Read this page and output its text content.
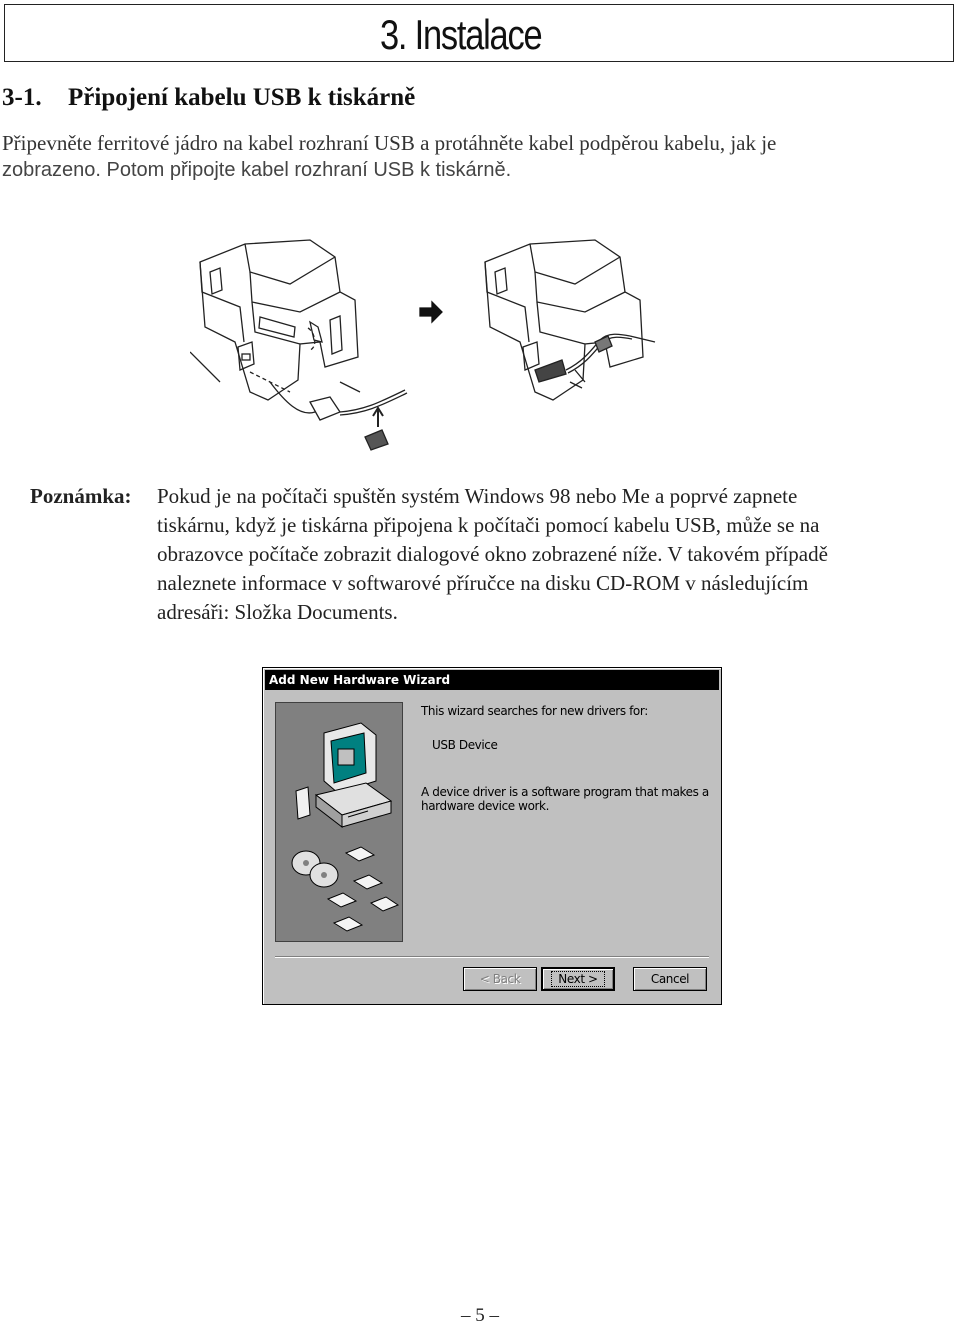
3. Instalace
3-1. Připojení kabelu USB k tiskárně
Připevněte ferritové jádro na kabel rozhraní USB a protáhněte kabel podpěrou kabelu, jak je
zobrazeno. Potom připojte kabel rozhraní USB k tiskárně.
Poznámka: Pokud je na počítači spuštěn systém Windows 98 nebo Me a poprvé zapnete
tiskárnu, když je tiskárna připojena k počítači pomocí kabelu USB, může se na
obrazovce počítače zobrazit dialogové okno zobrazené níže. V takovém případě
naleznete informace v softwarové příručce na disku CD-ROM v následujícím
adresáři: Složka Documents.
Add New Hardware Wizard
This wizard searches for new drivers for:
USB Device
A device driver is a software program that makes a
hardware device work.
< Back	Next >	Cancel
– 5 –
